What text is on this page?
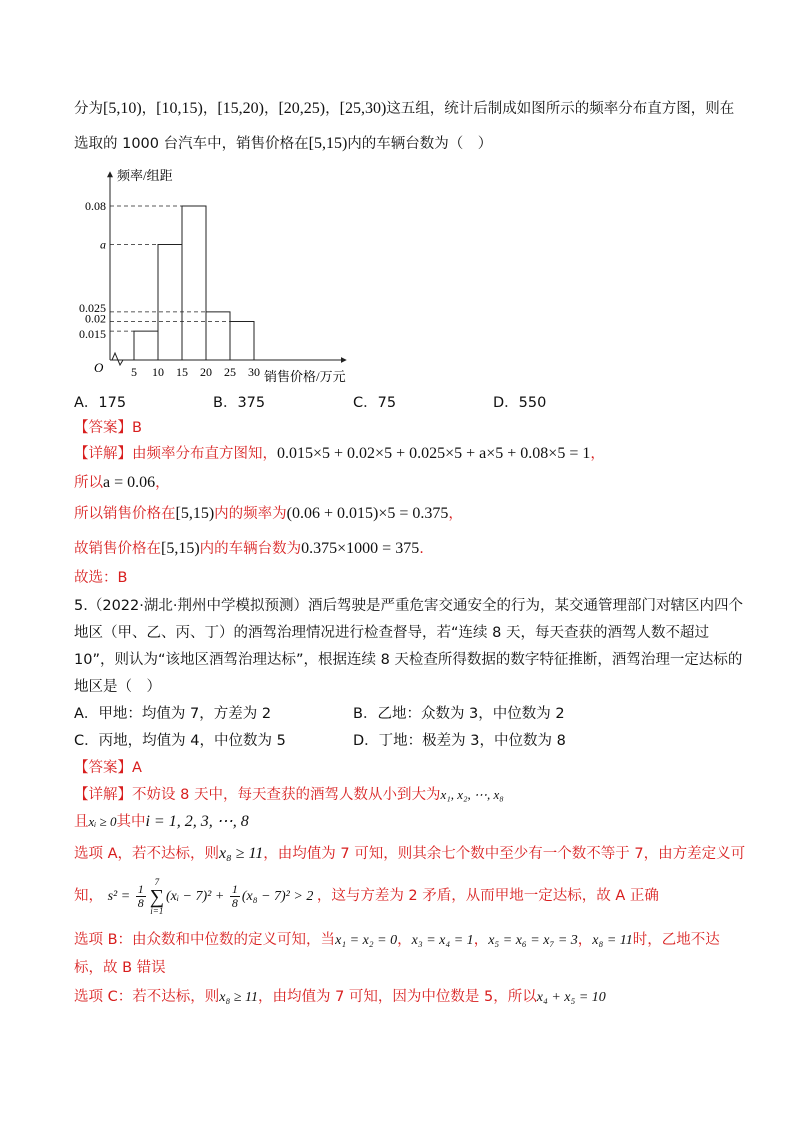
分为[5,10)，[10,15)，[15,20)，[20,25)，[25,30)这五组，统计后制成如图所示的频率分布直方图，则在
选取的 1000 台汽车中，销售价格在[5,15)内的车辆台数为（　）
频率/组距
销售价格/万元
O
0.08
a
0.025
0.02
0.015
5 10 15 20 25 30
A．175	B．375	C．75	D．550
【答案】B
【详解】由频率分布直方图知，0.015×5 + 0.02×5 + 0.025×5 + a×5 + 0.08×5 = 1，
所以a = 0.06，
所以销售价格在[5,15)内的频率为(0.06 + 0.015)×5 = 0.375，
故销售价格在[5,15)内的车辆台数为0.375×1000 = 375.
故选：B
5.（2022·湖北·荆州中学模拟预测）酒后驾驶是严重危害交通安全的行为，某交通管理部门对辖区内四个
地区（甲、乙、丙、丁）的酒驾治理情况进行检查督导，若“连续 8 天，每天查获的酒驾人数不超过
10”，则认为“该地区酒驾治理达标”，根据连续 8 天检查所得数据的数字特征推断，酒驾治理一定达标的
地区是（　）
A．甲地：均值为 7，方差为 2	B．乙地：众数为 3，中位数为 2
C．丙地，均值为 4，中位数为 5	D．丁地：极差为 3，中位数为 8
【答案】A
【详解】不妨设 8 天中，每天查获的酒驾人数从小到大为x₁, x₂, ⋯, x₈
且xᵢ ≥ 0其中i = 1, 2, 3, ⋯, 8
选项 A，若不达标，则x₈ ≥ 11，由均值为 7 可知，则其余七个数中至少有一个数不等于 7，由方差定义可
知， $s^2 = \frac{1}{8}$
7
∑
i=1(xᵢ − $7)^2 + \frac{1}{8} (x_8 - 7)^2 > 2$ ，这与方差为 2 矛盾，从而甲地一定达标，故 A 正确
选项 B：由众数和中位数的定义可知，当x₁ = x₂ = 0，x₃ = x₄ = 1，x₅ = x₆ = x₇ = 3，x₈ = 11时，乙地不达
标，故 B 错误
选项 C：若不达标，则x₈ ≥ 11，由均值为 7 可知，因为中位数是 5，所以x₄ + x₅ = 10
